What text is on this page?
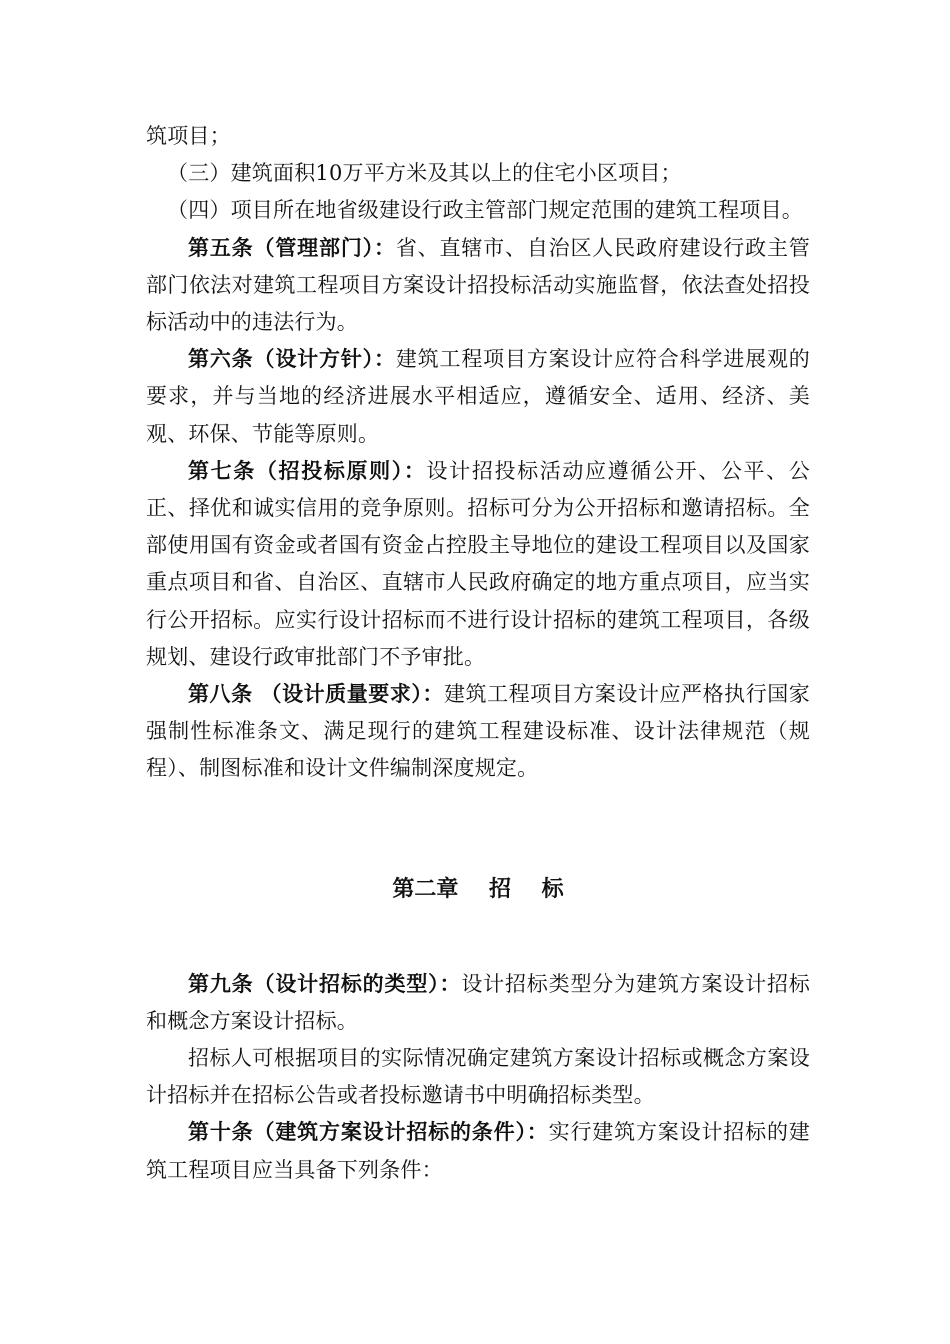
筑项目；

（三）建筑面积10万平方米及其以上的住宅小区项目；

（四）项目所在地省级建设行政主管部门规定范围的建筑工程项目。

第五条（管理部门）：省、直辖市、自治区人民政府建设行政主管部门依法对建筑工程项目方案设计招投标活动实施监督，依法查处招投标活动中的违法行为。

第六条（设计方针）：建筑工程项目方案设计应符合科学进展观的要求，并与当地的经济进展水平相适应，遵循安全、适用、经济、美观、环保、节能等原则。

第七条（招投标原则）：设计招投标活动应遵循公开、公平、公正、择优和诚实信用的竞争原则。招标可分为公开招标和邀请招标。全部使用国有资金或者国有资金占控股主导地位的建设工程项目以及国家重点项目和省、自治区、直辖市人民政府确定的地方重点项目，应当实行公开招标。应实行设计招标而不进行设计招标的建筑工程项目，各级规划、建设行政审批部门不予审批。

第八条 （设计质量要求）：建筑工程项目方案设计应严格执行国家强制性标准条文、满足现行的建筑工程建设标准、设计法律规范（规程）、制图标准和设计文件编制深度规定。

第二章    招    标

第九条（设计招标的类型）：设计招标类型分为建筑方案设计招标和概念方案设计招标。

招标人可根据项目的实际情况确定建筑方案设计招标或概念方案设计招标并在招标公告或者投标邀请书中明确招标类型。

第十条（建筑方案设计招标的条件）：实行建筑方案设计招标的建筑工程项目应当具备下列条件：
